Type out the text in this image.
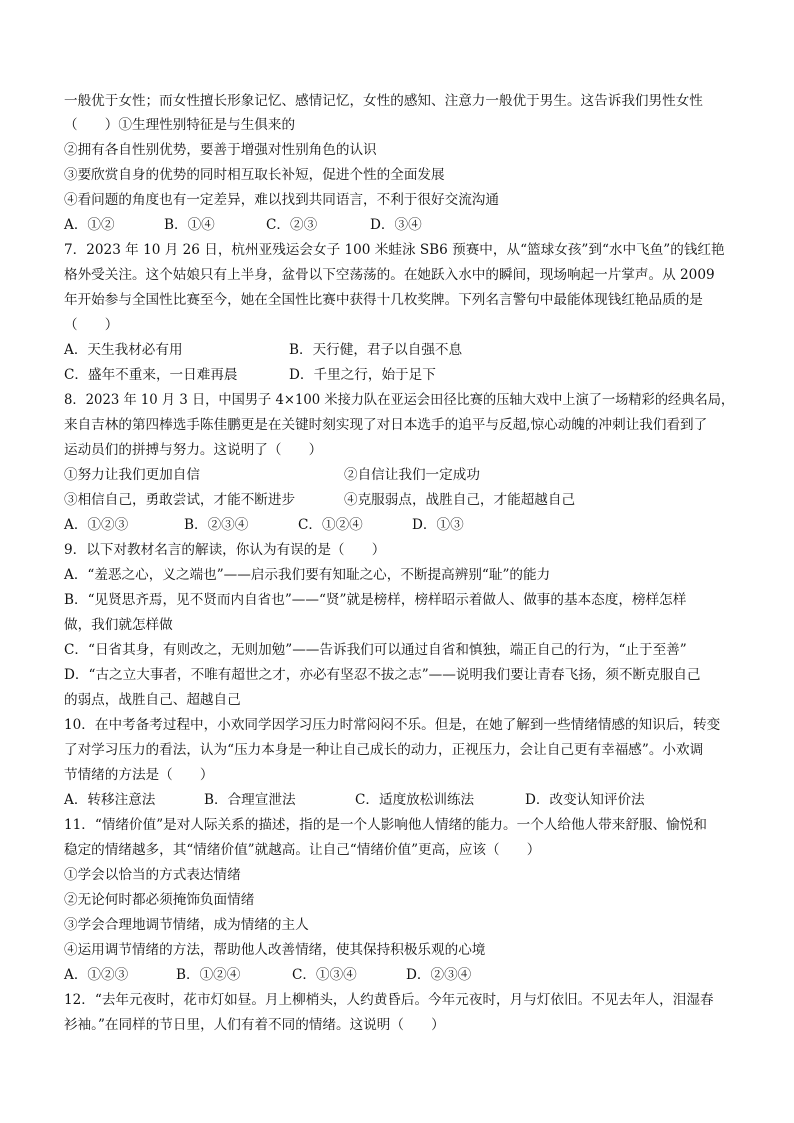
一般优于女性；而女性擅长形象记忆、感情记忆，女性的感知、注意力一般优于男生。这告诉我们男性女性
（　　）①生理性别特征是与生俱来的
②拥有各自性别优势，要善于增强对性别角色的认识
③要欣赏自身的优势的同时相互取长补短，促进个性的全面发展
④看问题的角度也有一定差异，难以找到共同语言，不利于很好交流沟通
A．①②	B．①④	C．②③	D．③④
7．2023 年 10 月 26 日，杭州亚残运会女子 100 米蛙泳 SB6 预赛中，从“篮球女孩”到“水中飞鱼”的钱红艳
格外受关注。这个姑娘只有上半身，盆骨以下空荡荡的。在她跃入水中的瞬间，现场响起一片掌声。从 2009
年开始参与全国性比赛至今，她在全国性比赛中获得十几枚奖牌。下列名言警句中最能体现钱红艳品质的是
（　　）
A．天生我材必有用	B．天行健，君子以自强不息
C．盛年不重来，一日难再晨	D．千里之行，始于足下
8．2023 年 10 月 3 日，中国男子 4×100 米接力队在亚运会田径比赛的压轴大戏中上演了一场精彩的经典名局，
来自吉林的第四棒选手陈佳鹏更是在关键时刻实现了对日本选手的追平与反超,惊心动魄的冲刺让我们看到了
运动员们的拼搏与努力。这说明了（　　）
①努力让我们更加自信	②自信让我们一定成功
③相信自己，勇敢尝试，才能不断进步	④克服弱点，战胜自己，才能超越自己
A．①②③	B．②③④	C．①②④	D．①③
9．以下对教材名言的解读，你认为有误的是（　　）
A．“羞恶之心，义之端也”——启示我们要有知耻之心，不断提高辨别“耻”的能力
B．“见贤思齐焉，见不贤而内自省也”——“贤”就是榜样，榜样昭示着做人、做事的基本态度，榜样怎样
做，我们就怎样做
C．“日省其身，有则改之，无则加勉”——告诉我们可以通过自省和慎独，端正自己的行为，“止于至善”
D．“古之立大事者，不唯有超世之才，亦必有坚忍不拔之志”——说明我们要让青春飞扬，须不断克服自己
的弱点，战胜自己、超越自己
10．在中考备考过程中，小欢同学因学习压力时常闷闷不乐。但是，在她了解到一些情绪情感的知识后，转变
了对学习压力的看法，认为“压力本身是一种让自己成长的动力，正视压力，会让自己更有幸福感”。小欢调
节情绪的方法是（　　）
A．转移注意法	B．合理宣泄法	C．适度放松训练法	D．改变认知评价法
11．“情绪价值”是对人际关系的描述，指的是一个人影响他人情绪的能力。一个人给他人带来舒服、愉悦和
稳定的情绪越多，其“情绪价值”就越高。让自己“情绪价值”更高，应该（　　）
①学会以恰当的方式表达情绪
②无论何时都必须掩饰负面情绪
③学会合理地调节情绪，成为情绪的主人
④运用调节情绪的方法，帮助他人改善情绪，使其保持积极乐观的心境
A．①②③	B．①②④	C．①③④	D．②③④
12．“去年元夜时，花市灯如昼。月上柳梢头，人约黄昏后。今年元夜时，月与灯依旧。不见去年人，泪湿春
衫袖。”在同样的节日里，人们有着不同的情绪。这说明（　　）
